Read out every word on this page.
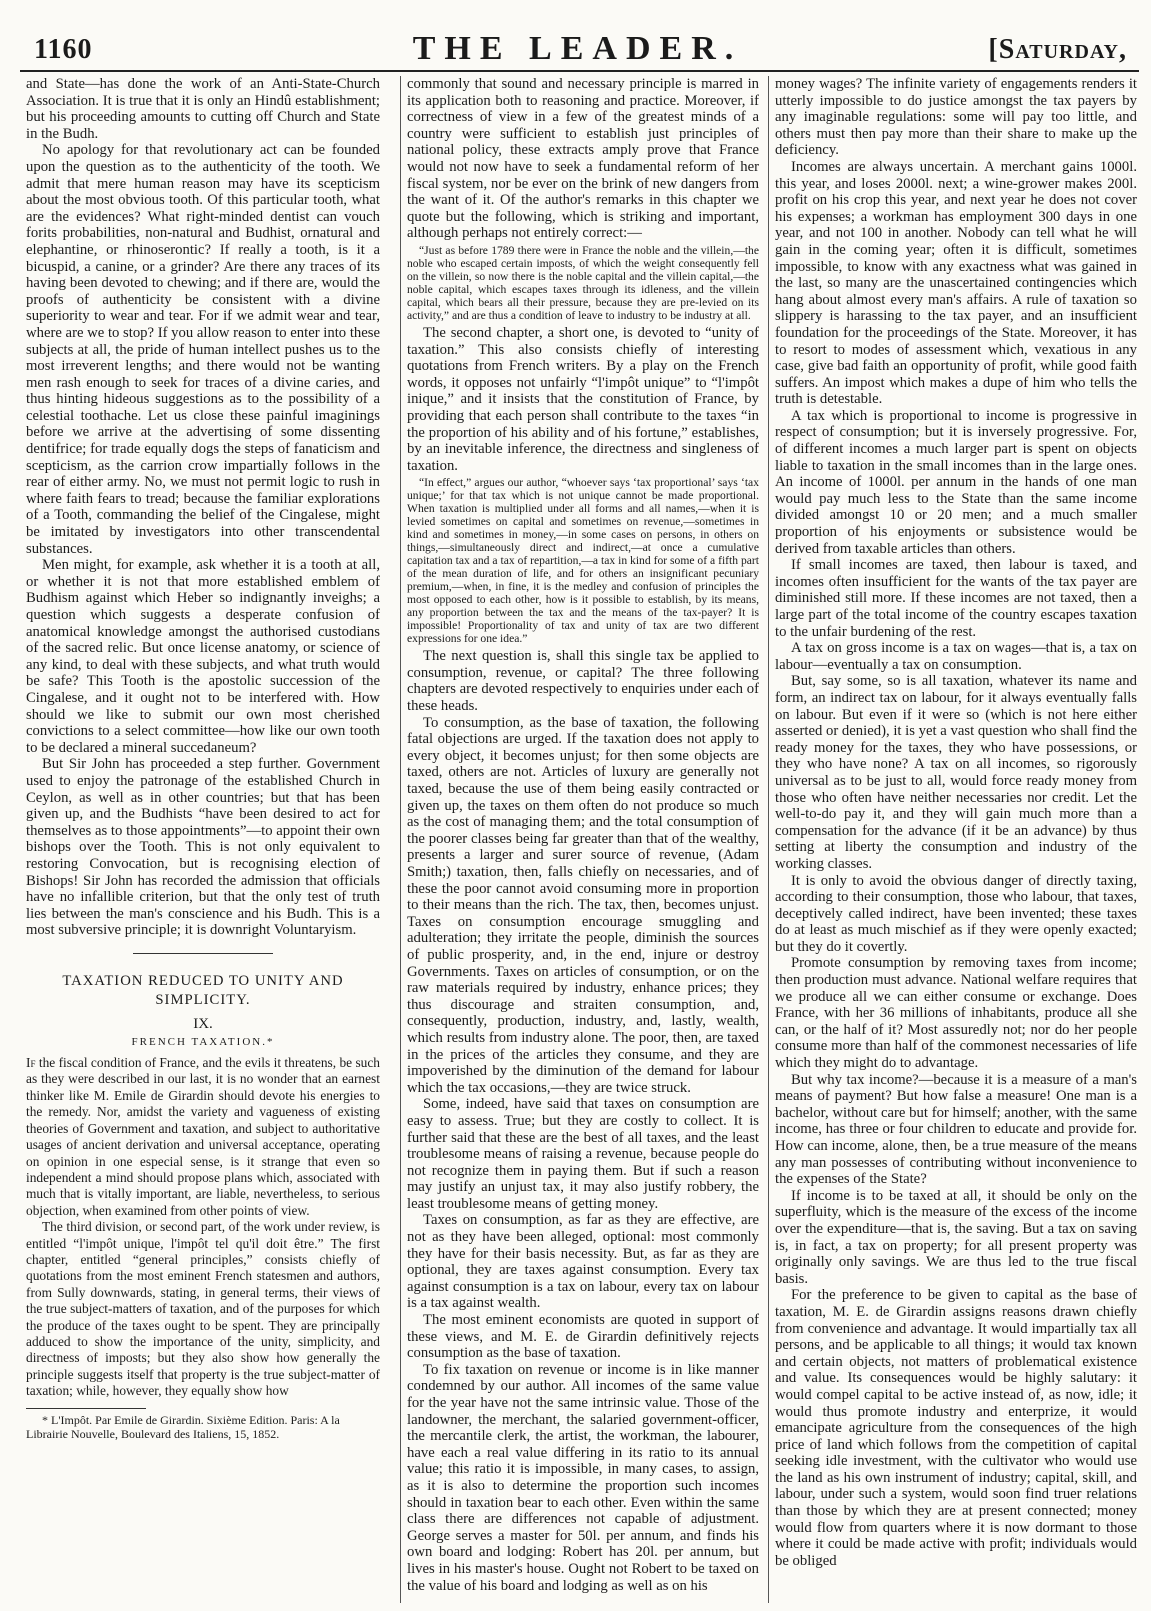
1160	THE LEADER.	[Saturday,

and State—has done the work of an Anti-State-Church Association. It is true that it is only an Hindû establishment; but his proceeding amounts to cutting off Church and State in the Budh.

No apology for that revolutionary act can be founded upon the question as to the authenticity of the tooth. We admit that mere human reason may have its scepticism about the most obvious tooth. Of this particular tooth, what are the evidences? What right-minded dentist can vouch forits probabilities, non-natural and Budhist, ornatural and elephantine, or rhinoserontic? If really a tooth, is it a bicuspid, a canine, or a grinder? Are there any traces of its having been devoted to chewing; and if there are, would the proofs of authenticity be consistent with a divine superiority to wear and tear. For if we admit wear and tear, where are we to stop? If you allow reason to enter into these subjects at all, the pride of human intellect pushes us to the most irreverent lengths; and there would not be wanting men rash enough to seek for traces of a divine caries, and thus hinting hideous suggestions as to the possibility of a celestial toothache. Let us close these painful imaginings before we arrive at the advertising of some dissenting dentifrice; for trade equally dogs the steps of fanaticism and scepticism, as the carrion crow impartially follows in the rear of either army. No, we must not permit logic to rush in where faith fears to tread; because the familiar explorations of a Tooth, commanding the belief of the Cingalese, might be imitated by investigators into other transcendental substances.

Men might, for example, ask whether it is a tooth at all, or whether it is not that more established emblem of Budhism against which Heber so indignantly inveighs; a question which suggests a desperate confusion of anatomical knowledge amongst the authorised custodians of the sacred relic. But once license anatomy, or science of any kind, to deal with these subjects, and what truth would be safe? This Tooth is the apostolic succession of the Cingalese, and it ought not to be interfered with. How should we like to submit our own most cherished convictions to a select committee—how like our own tooth to be declared a mineral succedaneum?

But Sir John has proceeded a step further. Government used to enjoy the patronage of the established Church in Ceylon, as well as in other countries; but that has been given up, and the Budhists “have been desired to act for themselves as to those appointments”—to appoint their own bishops over the Tooth. This is not only equivalent to restoring Convocation, but is recognising election of Bishops! Sir John has recorded the admission that officials have no infallible criterion, but that the only test of truth lies between the man's conscience and his Budh. This is a most subversive principle; it is downright Voluntaryism.

TAXATION REDUCED TO UNITY AND SIMPLICITY.
IX.
FRENCH TAXATION.*

If the fiscal condition of France, and the evils it threatens, be such as they were described in our last, it is no wonder that an earnest thinker like M. Emile de Girardin should devote his energies to the remedy. Nor, amidst the variety and vagueness of existing theories of Government and taxation, and subject to authoritative usages of ancient derivation and universal acceptance, operating on opinion in one especial sense, is it strange that even so independent a mind should propose plans which, associated with much that is vitally important, are liable, nevertheless, to serious objection, when examined from other points of view.

The third division, or second part, of the work under review, is entitled “l'impôt unique, l'impôt tel qu'il doit être.” The first chapter, entitled “general principles,” consists chiefly of quotations from the most eminent French statesmen and authors, from Sully downwards, stating, in general terms, their views of the true subject-matters of taxation, and of the purposes for which the produce of the taxes ought to be spent. They are principally adduced to show the importance of the unity, simplicity, and directness of imposts; but they also show how generally the principle suggests itself that property is the true subject-matter of taxation; while, however, they equally show how

* L'Impôt. Par Emile de Girardin. Sixième Edition. Paris: A la Librairie Nouvelle, Boulevard des Italiens, 15, 1852.

commonly that sound and necessary principle is marred in its application both to reasoning and practice. Moreover, if correctness of view in a few of the greatest minds of a country were sufficient to establish just principles of national policy, these extracts amply prove that France would not now have to seek a fundamental reform of her fiscal system, nor be ever on the brink of new dangers from the want of it. Of the author's remarks in this chapter we quote but the following, which is striking and important, although perhaps not entirely correct:—

“Just as before 1789 there were in France the noble and the villein,—the noble who escaped certain imposts, of which the weight consequently fell on the villein, so now there is the noble capital and the villein capital,—the noble capital, which escapes taxes through its idleness, and the villein capital, which bears all their pressure, because they are pre-levied on its activity,” and are thus a condition of leave to industry to be industry at all.

The second chapter, a short one, is devoted to “unity of taxation.” This also consists chiefly of interesting quotations from French writers. By a play on the French words, it opposes not unfairly “l'impôt unique” to “l'impôt inique,” and it insists that the constitution of France, by providing that each person shall contribute to the taxes “in the proportion of his ability and of his fortune,” establishes, by an inevitable inference, the directness and singleness of taxation.

“In effect,” argues our author, “whoever says ‘tax proportional’ says ‘tax unique;’ for that tax which is not unique cannot be made proportional. When taxation is multiplied under all forms and all names,—when it is levied sometimes on capital and sometimes on revenue,—sometimes in kind and sometimes in money,—in some cases on persons, in others on things,—simultaneously direct and indirect,—at once a cumulative capitation tax and a tax of repartition,—a tax in kind for some of a fifth part of the mean duration of life, and for others an insignificant pecuniary premium,—when, in fine, it is the medley and confusion of principles the most opposed to each other, how is it possible to establish, by its means, any proportion between the tax and the means of the tax-payer? It is impossible! Proportionality of tax and unity of tax are two different expressions for one idea.”

The next question is, shall this single tax be applied to consumption, revenue, or capital? The three following chapters are devoted respectively to enquiries under each of these heads.

To consumption, as the base of taxation, the following fatal objections are urged. If the taxation does not apply to every object, it becomes unjust; for then some objects are taxed, others are not. Articles of luxury are generally not taxed, because the use of them being easily contracted or given up, the taxes on them often do not produce so much as the cost of managing them; and the total consumption of the poorer classes being far greater than that of the wealthy, presents a larger and surer source of revenue, (Adam Smith;) taxation, then, falls chiefly on necessaries, and of these the poor cannot avoid consuming more in proportion to their means than the rich. The tax, then, becomes unjust. Taxes on consumption encourage smuggling and adulteration; they irritate the people, diminish the sources of public prosperity, and, in the end, injure or destroy Governments. Taxes on articles of consumption, or on the raw materials required by industry, enhance prices; they thus discourage and straiten consumption, and, consequently, production, industry, and, lastly, wealth, which results from industry alone. The poor, then, are taxed in the prices of the articles they consume, and they are impoverished by the diminution of the demand for labour which the tax occasions,—they are twice struck.

Some, indeed, have said that taxes on consumption are easy to assess. True; but they are costly to collect. It is further said that these are the best of all taxes, and the least troublesome means of raising a revenue, because people do not recognize them in paying them. But if such a reason may justify an unjust tax, it may also justify robbery, the least troublesome means of getting money.

Taxes on consumption, as far as they are effective, are not as they have been alleged, optional: most commonly they have for their basis necessity. But, as far as they are optional, they are taxes against consumption. Every tax against consumption is a tax on labour, every tax on labour is a tax against wealth.

The most eminent economists are quoted in support of these views, and M. E. de Girardin definitively rejects consumption as the base of taxation.

To fix taxation on revenue or income is in like manner condemned by our author. All incomes of the same value for the year have not the same intrinsic value. Those of the landowner, the merchant, the salaried government-officer, the mercantile clerk, the artist, the workman, the labourer, have each a real value differing in its ratio to its annual value; this ratio it is impossible, in many cases, to assign, as it is also to determine the proportion such incomes should in taxation bear to each other. Even within the same class there are differences not capable of adjustment. George serves a master for 50l. per annum, and finds his own board and lodging: Robert has 20l. per annum, but lives in his master's house. Ought not Robert to be taxed on the value of his board and lodging as well as on his

money wages? The infinite variety of engagements renders it utterly impossible to do justice amongst the tax payers by any imaginable regulations: some will pay too little, and others must then pay more than their share to make up the deficiency.

Incomes are always uncertain. A merchant gains 1000l. this year, and loses 2000l. next; a wine-grower makes 200l. profit on his crop this year, and next year he does not cover his expenses; a workman has employment 300 days in one year, and not 100 in another. Nobody can tell what he will gain in the coming year; often it is difficult, sometimes impossible, to know with any exactness what was gained in the last, so many are the unascertained contingencies which hang about almost every man's affairs. A rule of taxation so slippery is harassing to the tax payer, and an insufficient foundation for the proceedings of the State. Moreover, it has to resort to modes of assessment which, vexatious in any case, give bad faith an opportunity of profit, while good faith suffers. An impost which makes a dupe of him who tells the truth is detestable.

A tax which is proportional to income is progressive in respect of consumption; but it is inversely progressive. For, of different incomes a much larger part is spent on objects liable to taxation in the small incomes than in the large ones. An income of 1000l. per annum in the hands of one man would pay much less to the State than the same income divided amongst 10 or 20 men; and a much smaller proportion of his enjoyments or subsistence would be derived from taxable articles than others.

If small incomes are taxed, then labour is taxed, and incomes often insufficient for the wants of the tax payer are diminished still more. If these incomes are not taxed, then a large part of the total income of the country escapes taxation to the unfair burdening of the rest.

A tax on gross income is a tax on wages—that is, a tax on labour—eventually a tax on consumption.

But, say some, so is all taxation, whatever its name and form, an indirect tax on labour, for it always eventually falls on labour. But even if it were so (which is not here either asserted or denied), it is yet a vast question who shall find the ready money for the taxes, they who have possessions, or they who have none? A tax on all incomes, so rigorously universal as to be just to all, would force ready money from those who often have neither necessaries nor credit. Let the well-to-do pay it, and they will gain much more than a compensation for the advance (if it be an advance) by thus setting at liberty the consumption and industry of the working classes.

It is only to avoid the obvious danger of directly taxing, according to their consumption, those who labour, that taxes, deceptively called indirect, have been invented; these taxes do at least as much mischief as if they were openly exacted; but they do it covertly.

Promote consumption by removing taxes from income; then production must advance. National welfare requires that we produce all we can either consume or exchange. Does France, with her 36 millions of inhabitants, produce all she can, or the half of it? Most assuredly not; nor do her people consume more than half of the commonest necessaries of life which they might do to advantage.

But why tax income?—because it is a measure of a man's means of payment? But how false a measure! One man is a bachelor, without care but for himself; another, with the same income, has three or four children to educate and provide for. How can income, alone, then, be a true measure of the means any man possesses of contributing without inconvenience to the expenses of the State?

If income is to be taxed at all, it should be only on the superfluity, which is the measure of the excess of the income over the expenditure—that is, the saving. But a tax on saving is, in fact, a tax on property; for all present property was originally only savings. We are thus led to the true fiscal basis.

For the preference to be given to capital as the base of taxation, M. E. de Girardin assigns reasons drawn chiefly from convenience and advantage. It would impartially tax all persons, and be applicable to all things; it would tax known and certain objects, not matters of problematical existence and value. Its consequences would be highly salutary: it would compel capital to be active instead of, as now, idle; it would thus promote industry and enterprize, it would emancipate agriculture from the consequences of the high price of land which follows from the competition of capital seeking idle investment, with the cultivator who would use the land as his own instrument of industry; capital, skill, and labour, under such a system, would soon find truer relations than those by which they are at present connected; money would flow from quarters where it is now dormant to those where it could be made active with profit; individuals would be obliged
